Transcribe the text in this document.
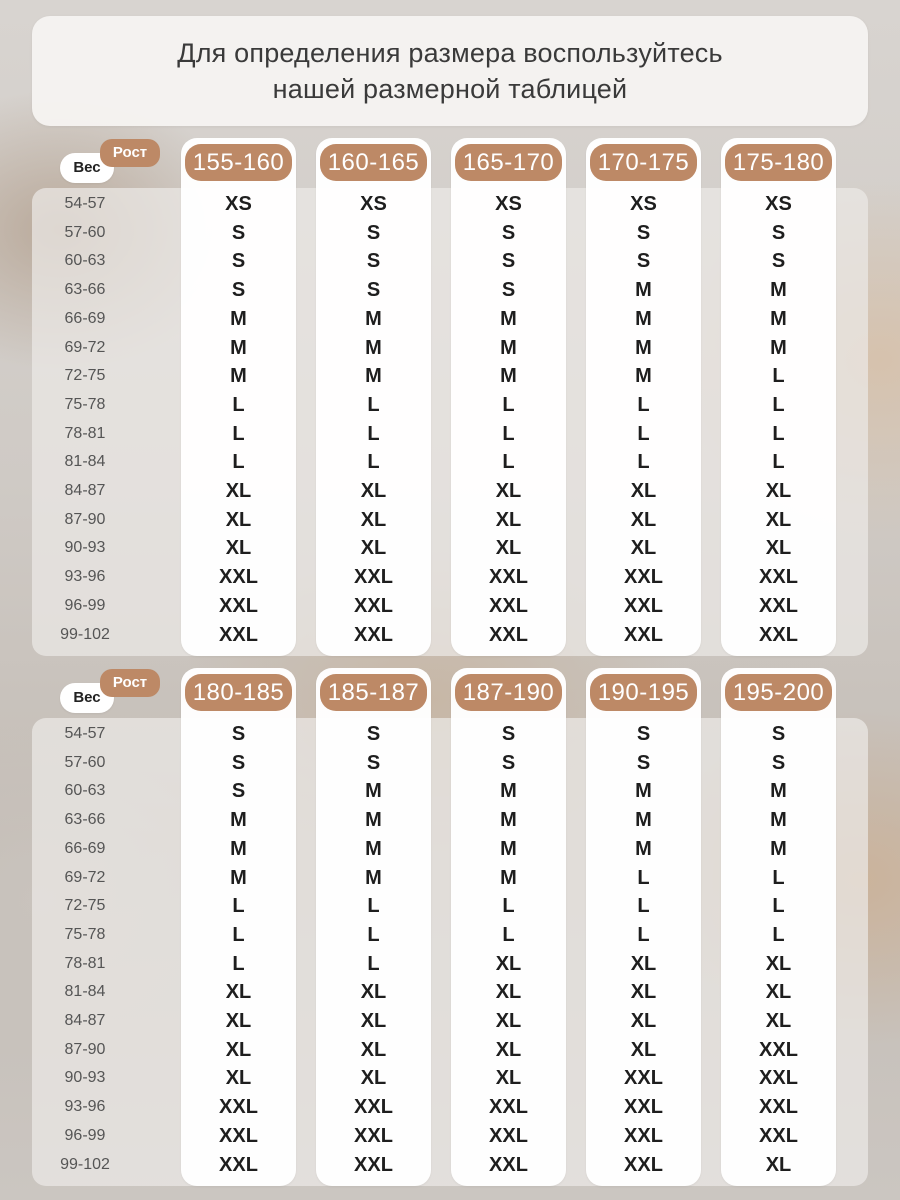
Для определения размера воспользуйтесь
нашей размерной таблицей
Вес
Рост
54-57
57-60
60-63
63-66
66-69
69-72
72-75
75-78
78-81
81-84
84-87
87-90
90-93
93-96
96-99
99-102
155-160
XS
S
S
S
M
M
M
L
L
L
XL
XL
XL
XXL
XXL
XXL
160-165
XS
S
S
S
M
M
M
L
L
L
XL
XL
XL
XXL
XXL
XXL
165-170
XS
S
S
S
M
M
M
L
L
L
XL
XL
XL
XXL
XXL
XXL
170-175
XS
S
S
M
M
M
M
L
L
L
XL
XL
XL
XXL
XXL
XXL
175-180
XS
S
S
M
M
M
L
L
L
L
XL
XL
XL
XXL
XXL
XXL
Вес
Рост
54-57
57-60
60-63
63-66
66-69
69-72
72-75
75-78
78-81
81-84
84-87
87-90
90-93
93-96
96-99
99-102
180-185
S
S
S
M
M
M
L
L
L
XL
XL
XL
XL
XXL
XXL
XXL
185-187
S
S
M
M
M
M
L
L
L
XL
XL
XL
XL
XXL
XXL
XXL
187-190
S
S
M
M
M
M
L
L
XL
XL
XL
XL
XL
XXL
XXL
XXL
190-195
S
S
M
M
M
L
L
L
XL
XL
XL
XL
XXL
XXL
XXL
XXL
195-200
S
S
M
M
M
L
L
L
XL
XL
XL
XXL
XXL
XXL
XXL
XL
